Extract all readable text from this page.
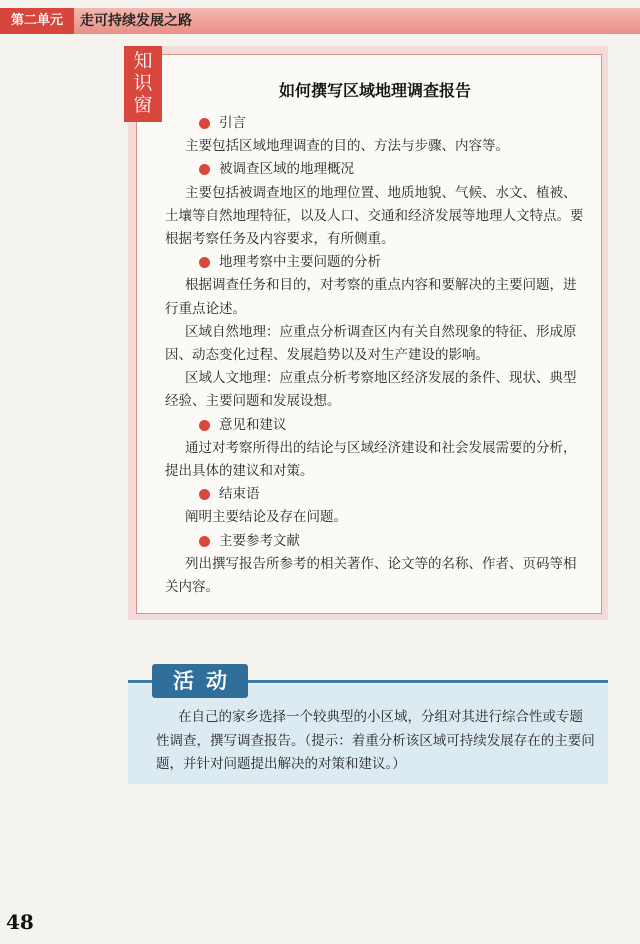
第二单元	走可持续发展之路
知
识
窗
如何撰写区域地理调查报告

引言

主要包括区域地理调查的目的、方法与步骤、内容等。

被调查区域的地理概况

主要包括被调查地区的地理位置、地质地貌、气候、水文、植被、土壤等自然地理特征，以及人口、交通和经济发展等地理人文特点。要根据考察任务及内容要求，有所侧重。

地理考察中主要问题的分析

根据调查任务和目的，对考察的重点内容和要解决的主要问题，进行重点论述。

区域自然地理：应重点分析调查区内有关自然现象的特征、形成原因、动态变化过程、发展趋势以及对生产建设的影响。

区域人文地理：应重点分析考察地区经济发展的条件、现状、典型经验、主要问题和发展设想。

意见和建议

通过对考察所得出的结论与区域经济建设和社会发展需要的分析，提出具体的建议和对策。

结束语

阐明主要结论及存在问题。

主要参考文献

列出撰写报告所参考的相关著作、论文等的名称、作者、页码等相关内容。

活动

在自己的家乡选择一个较典型的小区域，分组对其进行综合性或专题性调查，撰写调查报告。（提示：着重分析该区域可持续发展存在的主要问题，并针对问题提出解决的对策和建议。）

48
